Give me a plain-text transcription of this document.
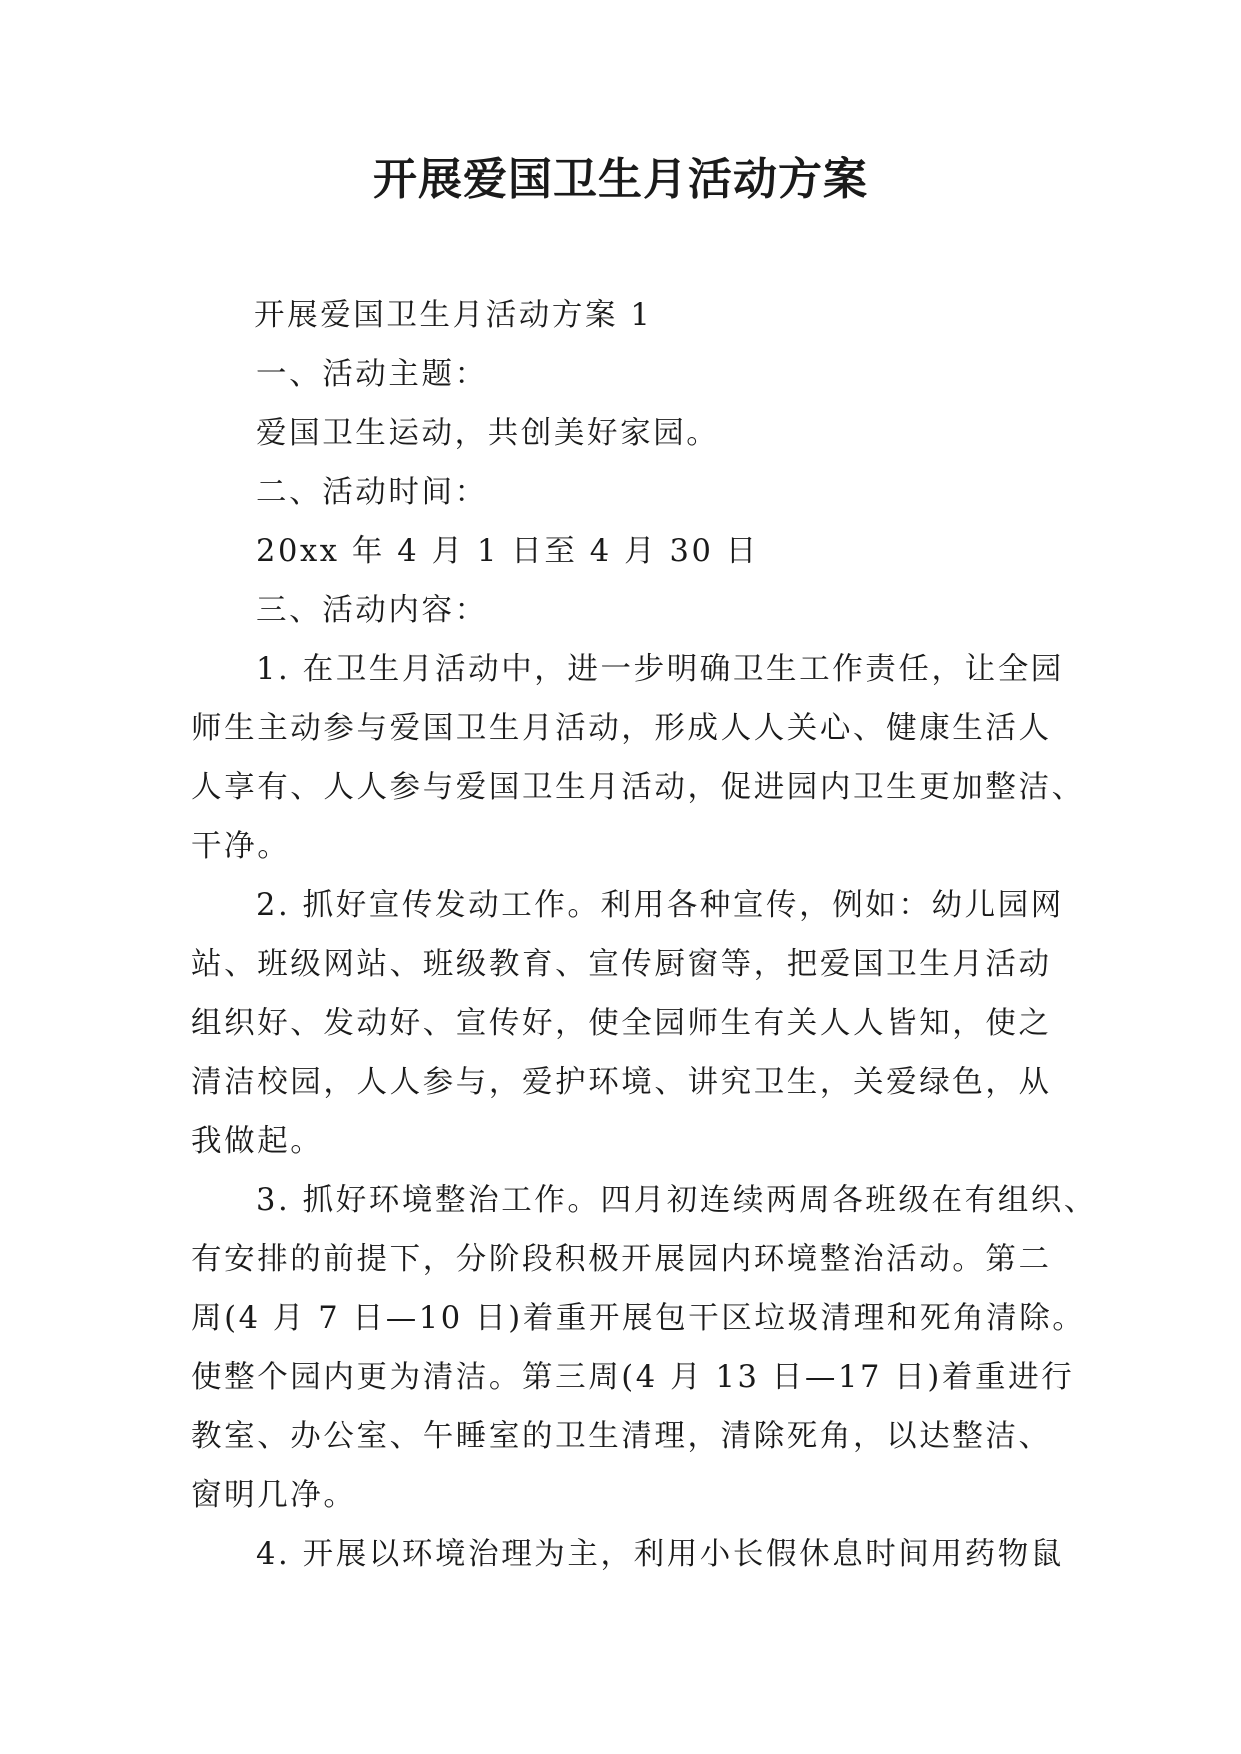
开展爱国卫生月活动方案
开展爱国卫生月活动方案 1
一、活动主题：
爱国卫生运动，共创美好家园。
二、活动时间：
20xx 年 4 月 1 日至 4 月 30 日
三、活动内容：
1. 在卫生月活动中，进一步明确卫生工作责任，让全园
师生主动参与爱国卫生月活动，形成人人关心、健康生活人
人享有、人人参与爱国卫生月活动，促进园内卫生更加整洁、
干净。
2. 抓好宣传发动工作。利用各种宣传，例如：幼儿园网
站、班级网站、班级教育、宣传厨窗等，把爱国卫生月活动
组织好、发动好、宣传好，使全园师生有关人人皆知，使之
清洁校园，人人参与，爱护环境、讲究卫生，关爱绿色，从
我做起。
3. 抓好环境整治工作。四月初连续两周各班级在有组织、
有安排的前提下，分阶段积极开展园内环境整治活动。第二
周(4 月 7 日—10 日)着重开展包干区垃圾清理和死角清除。
使整个园内更为清洁。第三周(4 月 13 日—17 日)着重进行
教室、办公室、午睡室的卫生清理，清除死角，以达整洁、
窗明几净。
4. 开展以环境治理为主，利用小长假休息时间用药物鼠
